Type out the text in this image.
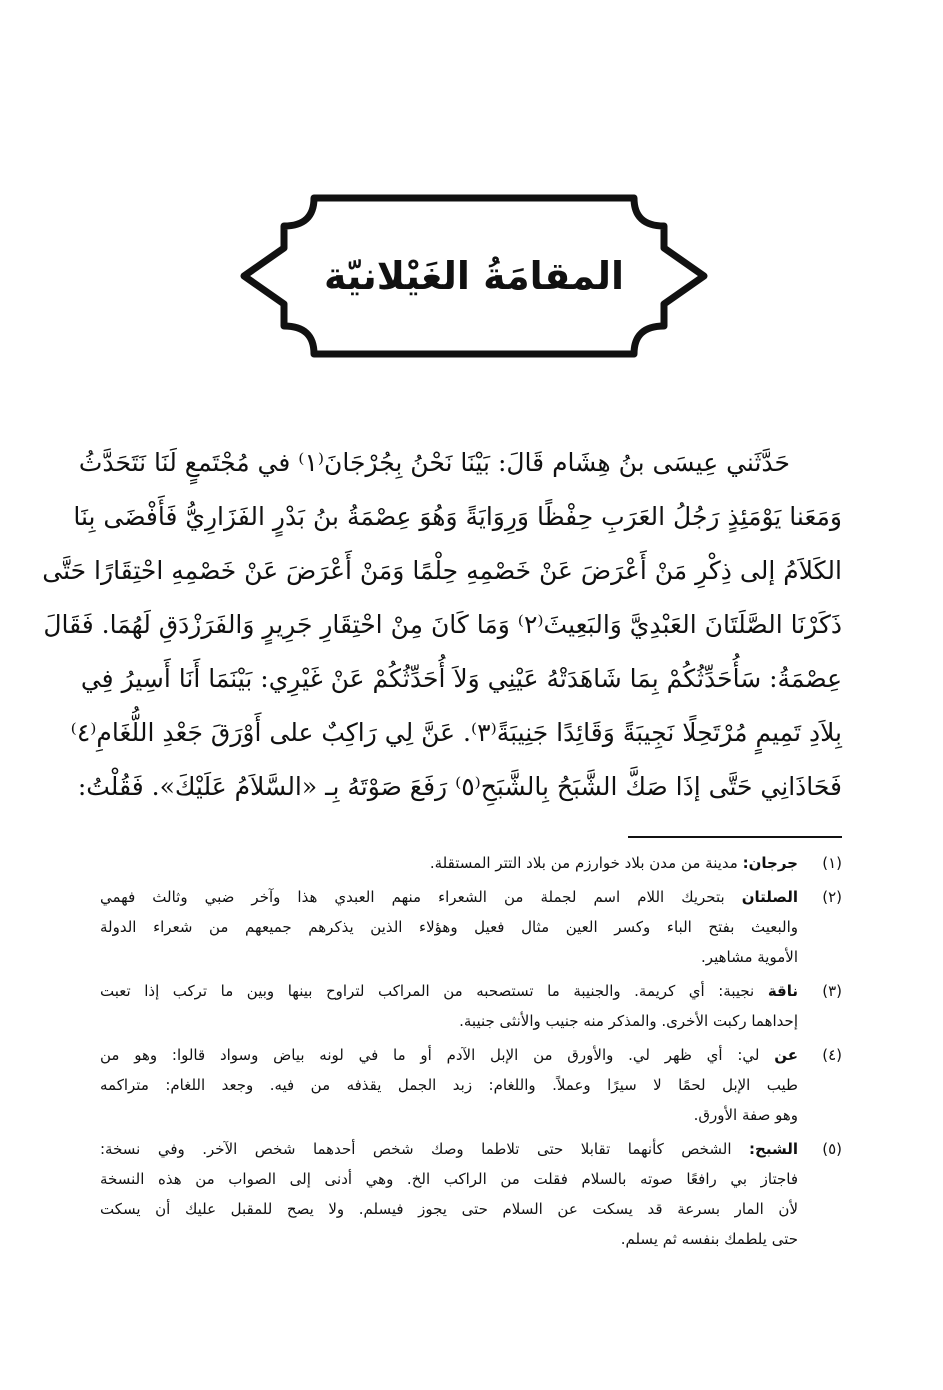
المقامَةُ الغَيْلانيّة
حَدَّثَني عِيسَى بنُ هِشَام قَالَ: بَيْنَا نَحْنُ بِجُرْجَانَ⁽١⁾ في مُجْتَمعٍ لَنَا نَتَحَدَّثُ
وَمَعَنا يَوْمَئِذٍ رَجُلُ العَرَبِ حِفْظًا وَرِوَايَةً وَهُوَ عِصْمَةُ بنُ بَدْرٍ الفَزَارِيُّ فَأَفْضَى بِنَا
الكَلاَمُ إلى ذِكْرِ مَنْ أَعْرَضَ عَنْ خَصْمِهِ حِلْمًا وَمَنْ أَعْرَضَ عَنْ خَصْمِهِ احْتِقَارًا حَتَّى
ذَكَرْنَا الصَّلَتَانَ العَبْدِيَّ وَالبَعِيثَ⁽٢⁾ وَمَا كَانَ مِنْ احْتِقَارِ جَرِيرٍ وَالفَرَزْدَقِ لَهُمَا. فَقَالَ
عِصْمَةُ: سَأُحَدِّثُكُمْ بِمَا شَاهَدَتْهُ عَيْنِي وَلاَ أُحَدِّثُكُمْ عَنْ غَيْرِي: بَيْنَمَا أَنَا أَسِيرُ فِي
بِلاَدِ تَمِيمٍ مُرْتَحِلًا نَجِيبَةً وَقَائِدًا جَنِيبَةً⁽٣⁾. عَنَّ لِي رَاكِبٌ على أَوْرَقَ جَعْدِ اللُّغَامِ⁽٤⁾
فَحَاذَانِي حَتَّى إذَا صَكَّ الشَّبَحُ بِالشَّبَحِ⁽٥⁾ رَفَعَ صَوْتَهُ بِـ «السَّلاَمُ عَلَيْكَ». فَقُلْتُ:
(١)
جرجان: مدينة من مدن بلاد خوارزم من بلاد التتر المستقلة.
(٢)
الصلتان بتحريك اللام اسم لجملة من الشعراء منهم العبدي هذا وآخر ضبي وثالث فهمي
والبعيث بفتح الباء وكسر العين مثال فعيل وهؤلاء الذين يذكرهم جميعهم من شعراء الدولة
الأموية مشاهير.
(٣)
ناقة نجيبة: أي كريمة. والجنيبة ما تستصحبه من المراكب لتراوح بينها وبين ما تركب إذا تعبت
إحداهما ركبت الأخرى. والمذكر منه جنيب والأنثى جنيبة.
(٤)
عن لي: أي ظهر لي. والأورق من الإبل الآدم أو ما في لونه بياض وسواد قالوا: وهو من
طيب الإبل لحمًا لا سيرًا وعملاً. واللغام: زبد الجمل يقذفه من فيه. وجعد اللغام: متراكمه
وهو صفة الأورق.
(٥)
الشبح: الشخص كأنهما تقابلا حتى تلاطما وصك شخص أحدهما شخص الآخر. وفي نسخة:
فاجتاز بي رافعًا صوته بالسلام فقلت من الراكب الخ. وهي أدنى إلى الصواب من هذه النسخة
لأن المار بسرعة قد يسكت عن السلام حتى يجوز فيسلم. ولا يصح للمقبل عليك أن يسكت
حتى يلطمك بنفسه ثم يسلم.
